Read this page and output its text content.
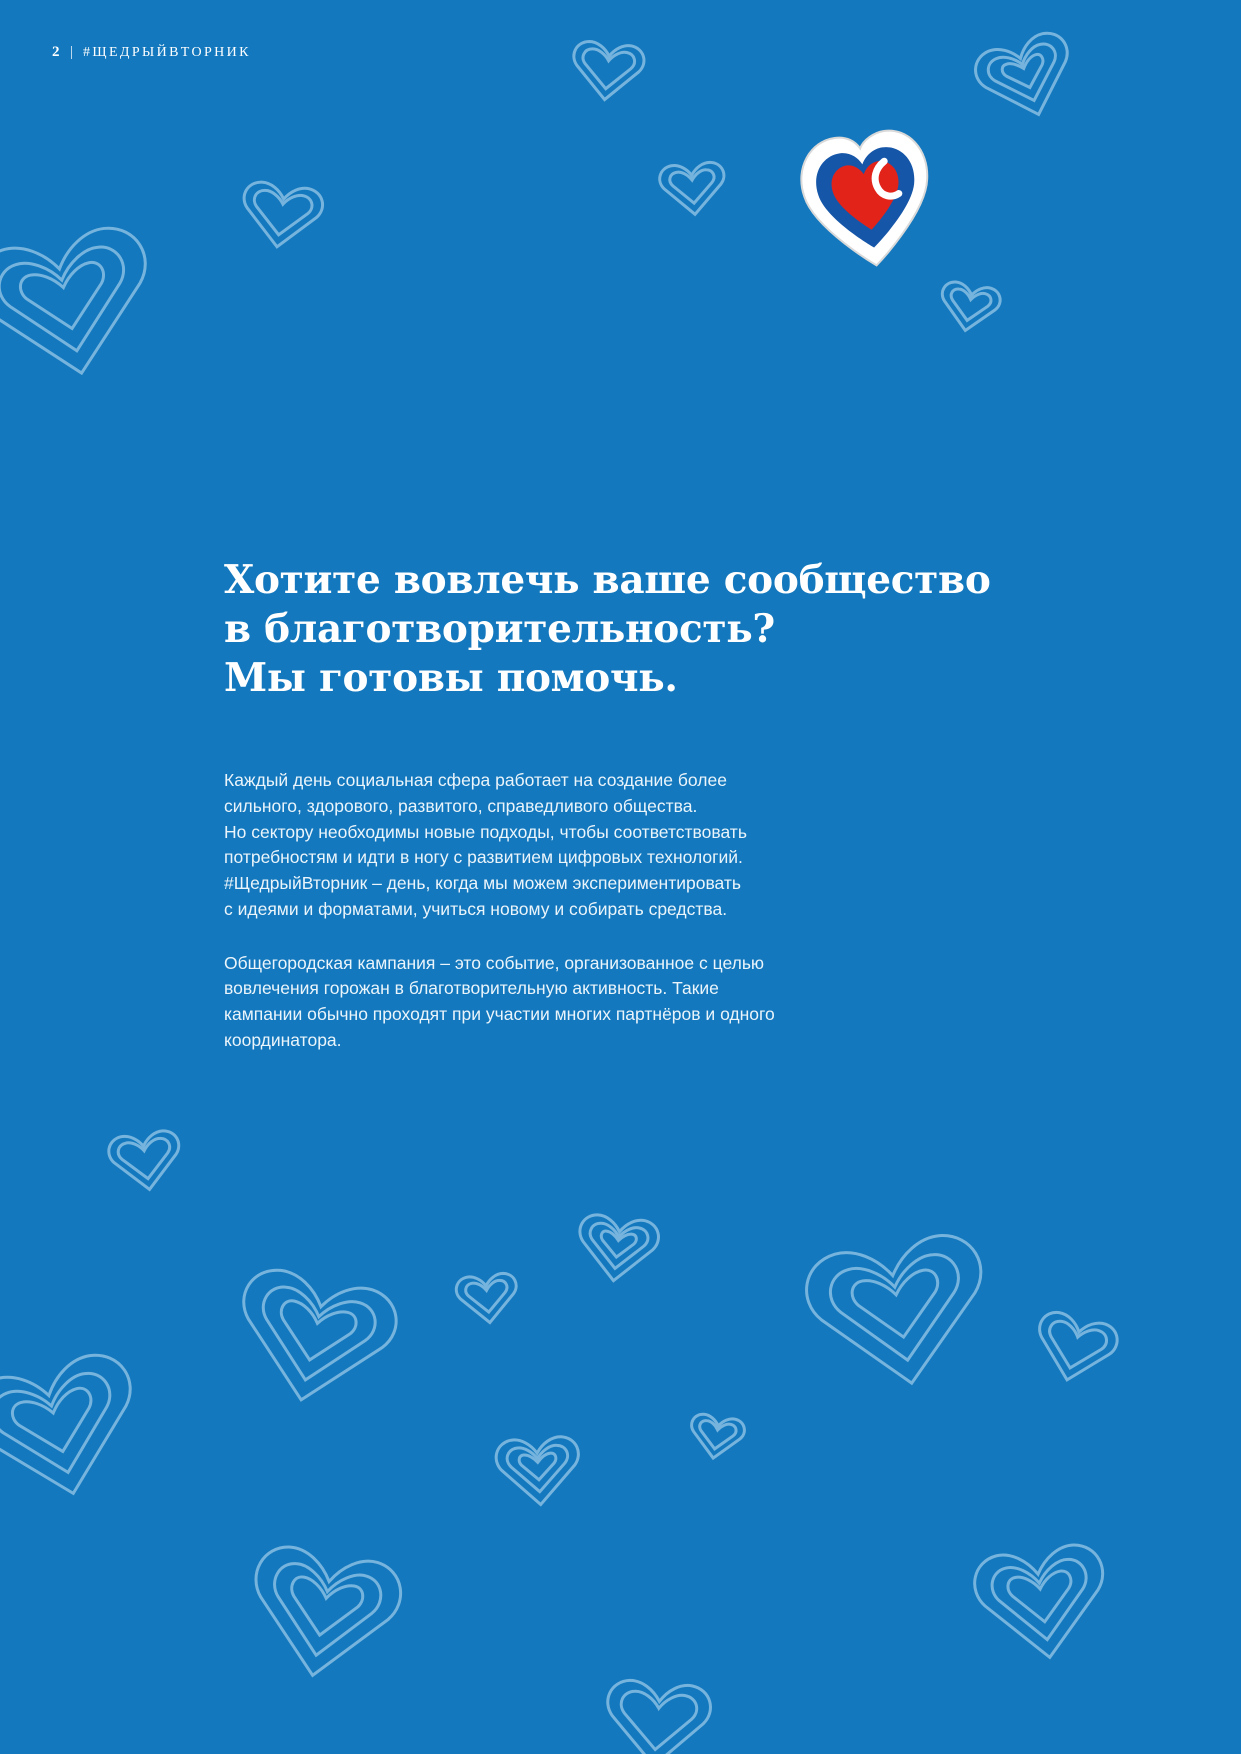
2 | #ЩЕДРЫЙВТОРНИК
Хотите вовлечь ваше сообщество
в благотворительность?
Мы готовы помочь.

Каждый день социальная сфера работает на создание более
сильного, здорового, развитого, справедливого общества.
Но сектору необходимы новые подходы, чтобы соответствовать
потребностям и идти в ногу с развитием цифровых технологий.
#ЩедрыйВторник – день, когда мы можем экспериментировать
с идеями и форматами, учиться новому и собирать средства.

Общегородская кампания – это событие, организованное с целью
вовлечения горожан в благотворительную активность. Такие
кампании обычно проходят при участии многих партнёров и одного
координатора.
